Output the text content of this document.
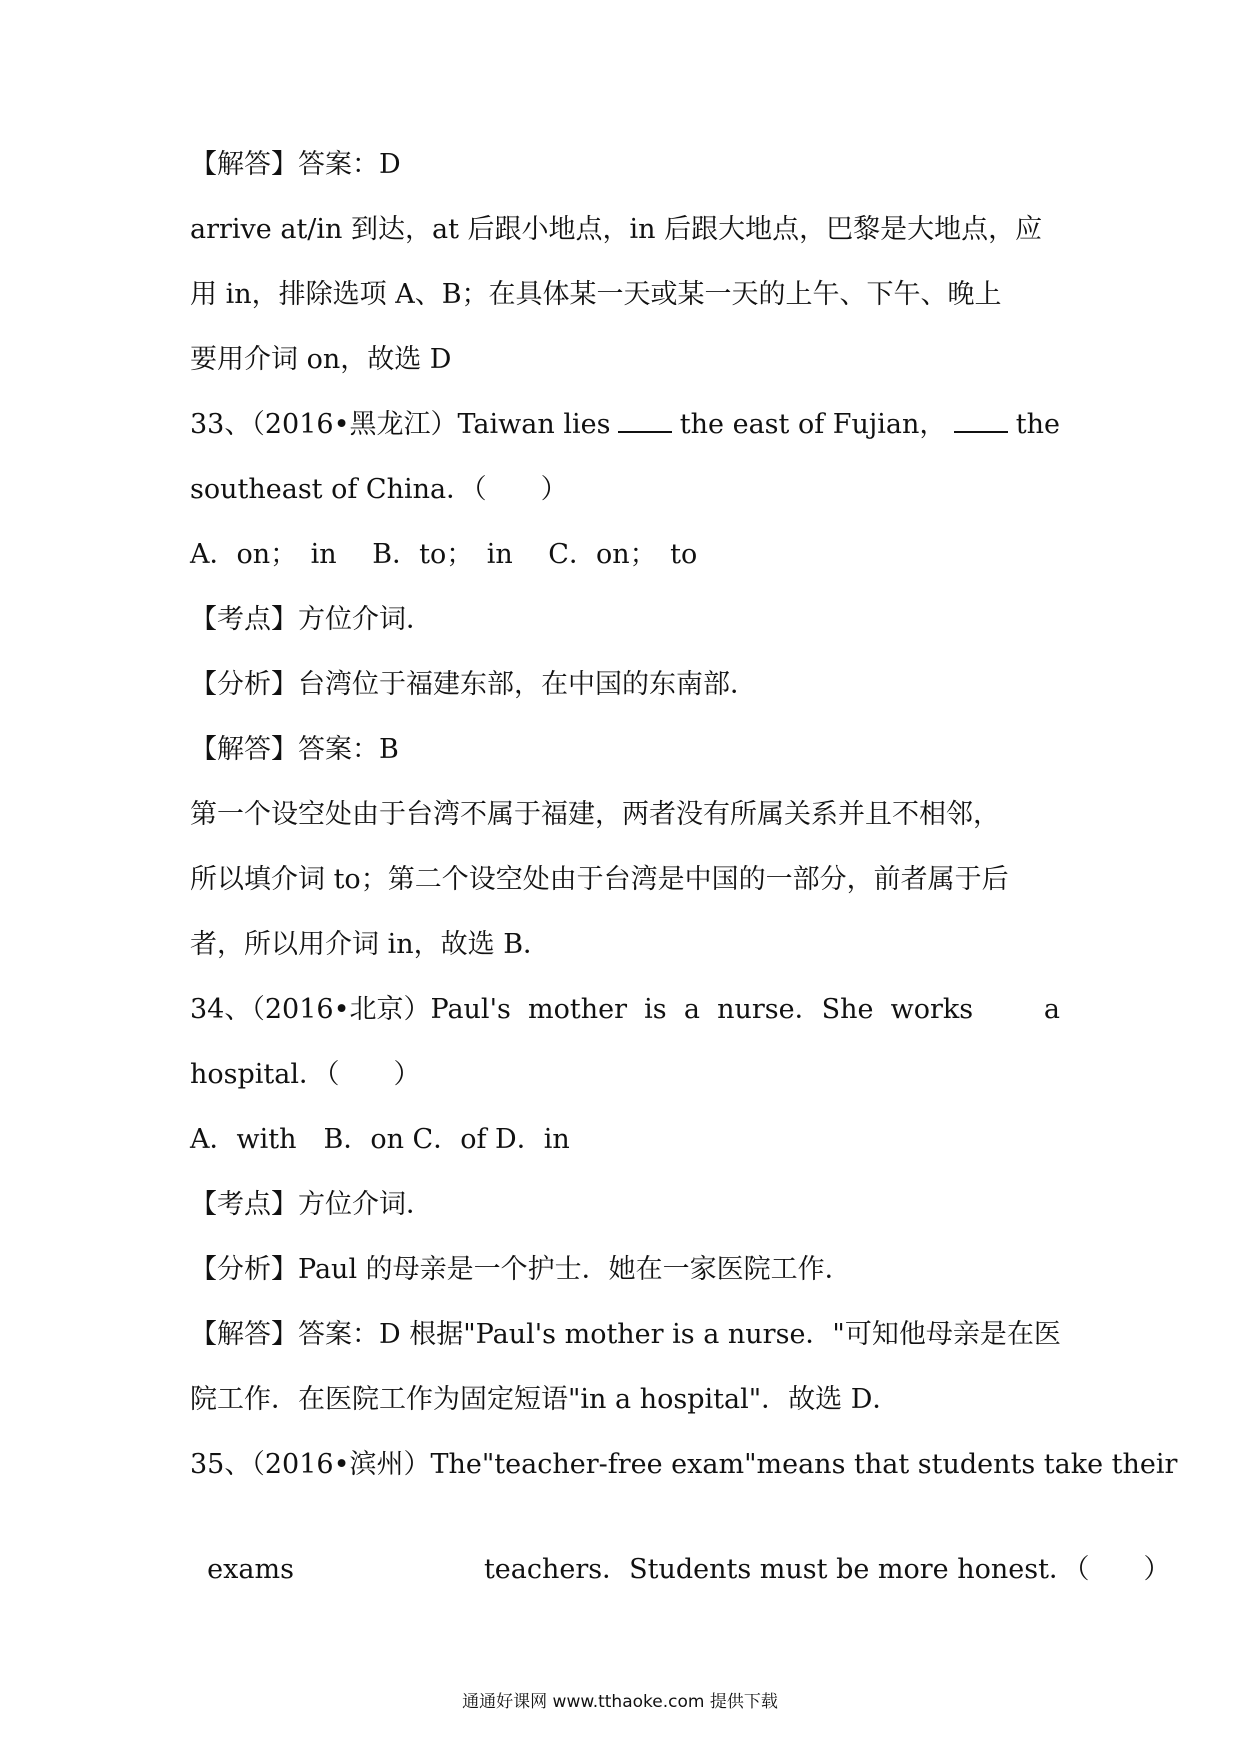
【解答】答案：D
arrive at/in 到达，at 后跟小地点，in 后跟大地点，巴黎是大地点，应
用 in，排除选项 A、B；在具体某一天或某一天的上午、下午、晚上
要用介词 on，故选 D
33、（2016•黑龙江）Taiwan lies	the east of Fujian，	the
southeast of China．（　　）
A．on；　in　 B．to；　in　 C．on；　to
【考点】方位介词．
【分析】台湾位于福建东部，在中国的东南部．
【解答】答案：B
第一个设空处由于台湾不属于福建，两者没有所属关系并且不相邻，
所以填介词 to；第二个设空处由于台湾是中国的一部分，前者属于后
者，所以用介词 in，故选 B．
34、（2016•北京）Paul's  mother  is  a  nurse．She  works	a
hospital．（　　）
A．with　B．on C．of D．in
【考点】方位介词．
【分析】Paul 的母亲是一个护士．她在一家医院工作．
【解答】答案：D 根据"Paul's mother is a nurse．"可知他母亲是在医
院工作．在医院工作为固定短语"in a hospital"．故选 D．
35、（2016•滨州）The"teacher-free exam"means that students take their

exams	teachers．Students must be more honest．（　　）

通通好课网 www.tthaoke.com 提供下载
